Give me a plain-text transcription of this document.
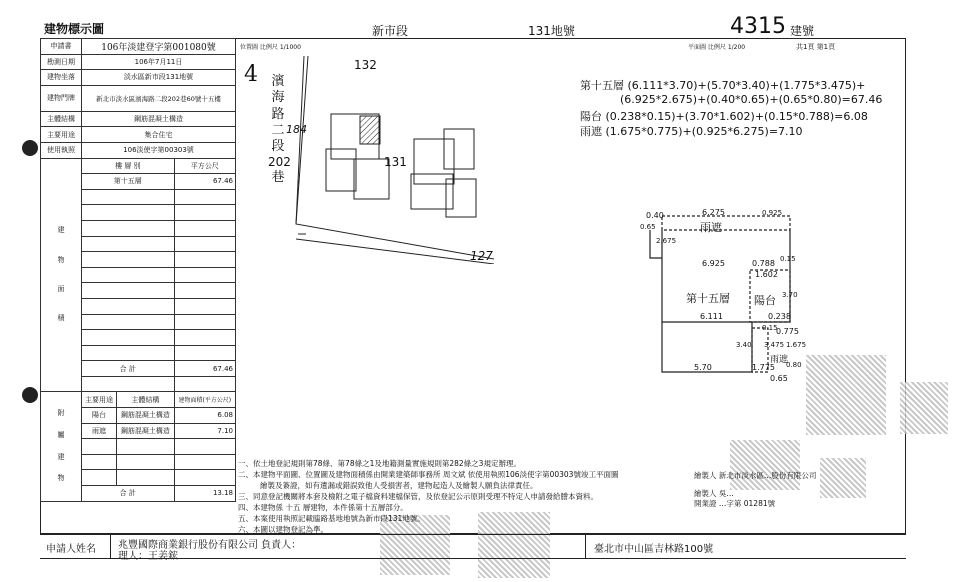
建物標示圖	新市段	131地號	4315 建號
申請書	106年淡建登字第001080號		
勘測日期	106年7月11日		
建物坐落	淡水區新市段131地號		
建物門牌	新北市淡水區濱海路二段202巷60號十五樓		
主體結構	鋼筋混凝土構造		
主要用途	集合住宅		
使用執照	106淡使字第00303號		
建物面積	樓 層 別		平方公尺
	第十五層		67.46

	合 計		67.46

附屬建物	主要用途	主體結構	建物面積(平方公尺)
	陽台	鋼筋混凝土構造	6.08
	雨遮	鋼筋混凝土構造	7.10

	合 計		13.18
位置圖 比例尺 1/1000
4 濱
海
路
二
段
202
巷
184
132
131
127
平面圖 比例尺 1/200	共1頁 第1頁
第十五層 (6.111*3.70)+(5.70*3.40)+(1.775*3.475)+
(6.925*2.675)+(0.40*0.65)+(0.65*0.80)=67.46
陽台 (0.238*0.15)+(3.70*1.602)+(0.15*0.788)=6.08
雨遮 (1.675*0.775)+(0.925*6.275)=7.10
6.275
0.40
0.65
0.925
雨遮
2.675
6.925	0.788 0.15
1.602
第十五層 陽台 3.70
6.111	0.238
0.15
0.775
3.40 3.475
雨遮
1.675
5.70	1.775 0.80
0.65
一、依土地登記規則第78條、第78條之1及地籍測量實施規則第282條之3規定辦理。
二、本建物平面圖、位置圖及建物面積係由開業建築師事務所 周文斌 依使用執照106淡使字第00303號竣工平面圖
繪製及簽證，如有遺漏或錯誤致他人受損害者，建物起造人及繪製人願負法律責任。
三、同意登記機關將本套及檢附之電子檔資料建檔保管，及依登記公示原則受理不特定人申請發給謄本資料。
四、本建物係 十五 層建物，本件係第十五層部分。
五、本案使用執照記載臨路基地地號為新市段131地號。
六、本圖以建物登記為準。
繪製人 新北市淡水區…股份有限公司
繪製人 吳…
開業證 …字第 01281號
申請人姓名 兆豐國際商業銀行股份有限公司 負責人：
理人：王姜鋐
臺北市中山區吉林路100號
